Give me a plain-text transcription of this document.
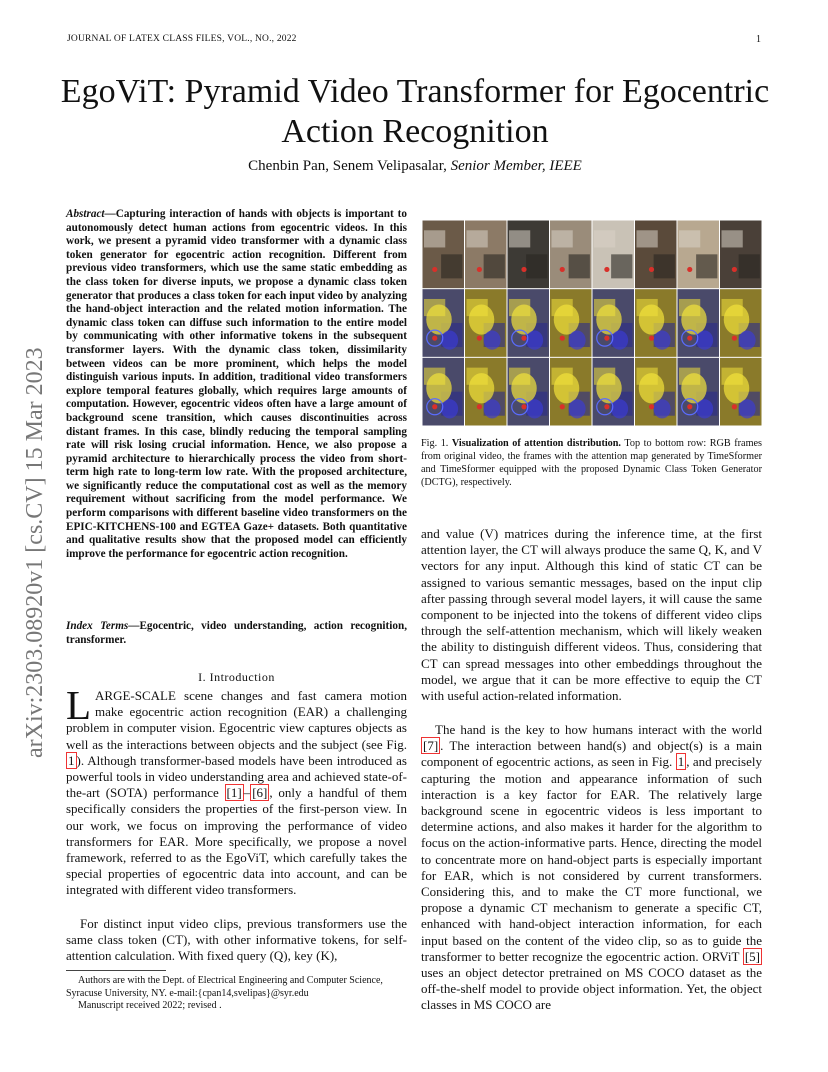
JOURNAL OF LATEX CLASS FILES, VOL., NO., 2022	1
EgoViT: Pyramid Video Transformer for Egocentric Action Recognition
Chenbin Pan, Senem Velipasalar, Senior Member, IEEE
arXiv:2303.08920v1 [cs.CV] 15 Mar 2023
Abstract—Capturing interaction of hands with objects is important to autonomously detect human actions from egocentric videos. In this work, we present a pyramid video transformer with a dynamic class token generator for egocentric action recognition. Different from previous video transformers, which use the same static embedding as the class token for diverse inputs, we propose a dynamic class token generator that produces a class token for each input video by analyzing the hand-object interaction and the related motion information. The dynamic class token can diffuse such information to the entire model by communicating with other informative tokens in the subsequent transformer layers. With the dynamic class token, dissimilarity between videos can be more prominent, which helps the model distinguish various inputs. In addition, traditional video transformers explore temporal features globally, which requires large amounts of computation. However, egocentric videos often have a large amount of background scene transition, which causes discontinuities across distant frames. In this case, blindly reducing the temporal sampling rate will risk losing crucial information. Hence, we also propose a pyramid architecture to hierarchically process the video from short-term high rate to long-term low rate. With the proposed architecture, we significantly reduce the computational cost as well as the memory requirement without sacrificing from the model performance. We perform comparisons with different baseline video transformers on the EPIC-KITCHENS-100 and EGTEA Gaze+ datasets. Both quantitative and qualitative results show that the proposed model can efficiently improve the performance for egocentric action recognition.
Index Terms—Egocentric, video understanding, action recognition, transformer.
I. Introduction
LARGE-SCALE scene changes and fast camera motion make egocentric action recognition (EAR) a challenging problem in computer vision. Egocentric view captures objects as well as the interactions between objects and the subject (see Fig. 1 ). Although transformer-based models have been introduced as powerful tools in video understanding area and achieved state-of-the-art (SOTA) performance [1] – [6] , only a handful of them specifically considers the properties of the first-person view. In our work, we focus on improving the performance of video transformers for EAR. More specifically, we propose a novel framework, referred to as the EgoViT, which carefully takes the special properties of egocentric data into account, and can be integrated with different video transformers.
For distinct input video clips, previous transformers use the same class token (CT), with other informative tokens, for self-attention calculation. With fixed query (Q), key (K),
Authors are with the Dept. of Electrical Engineering and Computer Science, Syracuse University, NY. e-mail:{cpan14,svelipas}@syr.edu
Manuscript received 2022; revised .
Fig. 1. Visualization of attention distribution. Top to bottom row: RGB frames from original video, the frames with the attention map generated by TimeSformer and TimeSformer equipped with the proposed Dynamic Class Token Generator (DCTG), respectively.
and value (V) matrices during the inference time, at the first attention layer, the CT will always produce the same Q, K, and V vectors for any input. Although this kind of static CT can be assigned to various semantic messages, based on the input clip after passing through several model layers, it will cause the same component to be injected into the tokens of different video clips through the self-attention mechanism, which will likely weaken the ability to distinguish different videos. Thus, considering that CT can spread messages into other embeddings throughout the model, we argue that it can be more effective to equip the CT with useful action-related information.
The hand is the key to how humans interact with the world [7] . The interaction between hand(s) and object(s) is a main component of egocentric actions, as seen in Fig. 1 , and precisely capturing the motion and appearance information of such interaction is a key factor for EAR. The relatively large background scene in egocentric videos is less important to determine actions, and also makes it harder for the algorithm to focus on the action-informative parts. Hence, directing the model to concentrate more on hand-object parts is especially important for EAR, which is not considered by current transformers. Considering this, and to make the CT more functional, we propose a dynamic CT mechanism to generate a specific CT, enhanced with hand-object interaction information, for each input based on the content of the video clip, so as to guide the transformer to better recognize the egocentric action. ORViT [5] uses an object detector pretrained on MS COCO dataset as the off-the-shelf model to provide object information. Yet, the object classes in MS COCO are
